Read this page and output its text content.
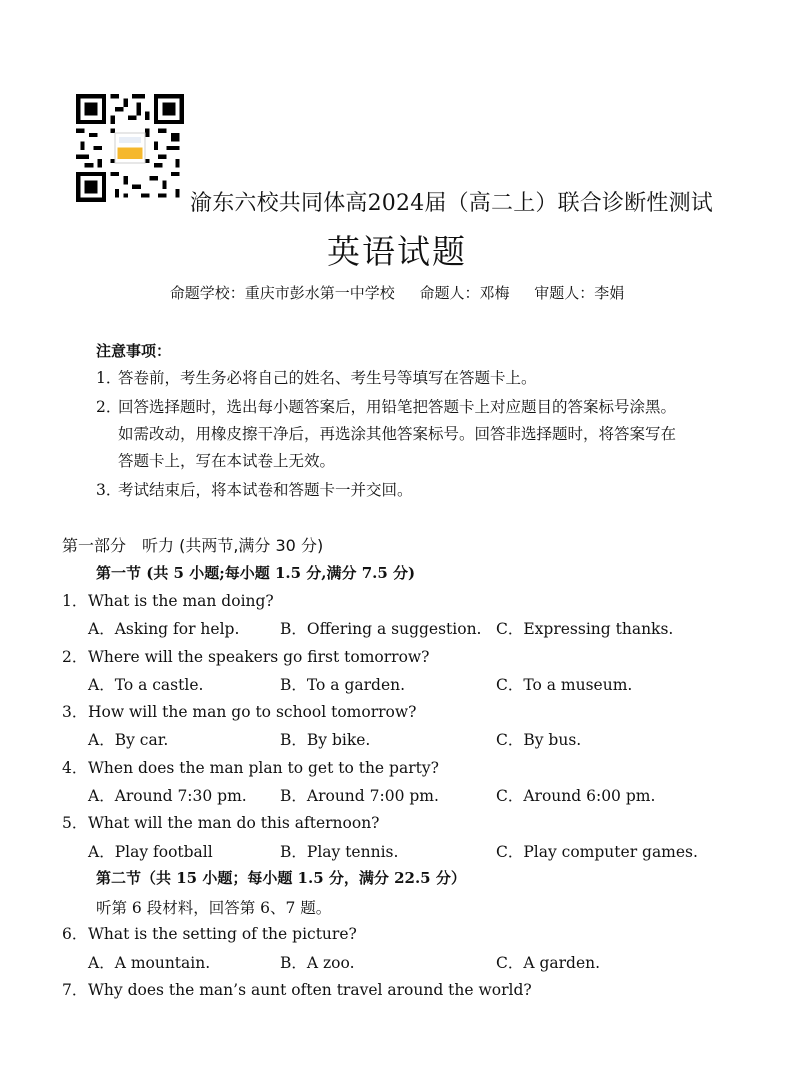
渝东六校共同体高2024届（高二上）联合诊断性测试
英语试题
命题学校：重庆市彭水第一中学校 命题人：邓梅 审题人：李娟
注意事项：
1．答卷前，考生务必将自己的姓名、考生号等填写在答题卡上。
2．回答选择题时，选出每小题答案后，用铅笔把答题卡上对应题目的答案标号涂黑。
如需改动，用橡皮擦干净后，再选涂其他答案标号。回答非选择题时，将答案写在
答题卡上，写在本试卷上无效。
3．考试结束后，将本试卷和答题卡一并交回。
第一部分　听力 (共两节,满分 30 分)
第一节 (共 5 小题;每小题 1.5 分,满分 7.5 分)
1．What is the man doing?
A．Asking for help.	B．Offering a suggestion. C．Expressing thanks.
2．Where will the speakers go first tomorrow?
A．To a castle.	B．To a garden.	C．To a museum.
3．How will the man go to school tomorrow?
A．By car.	B．By bike.	C．By bus.
4．When does the man plan to get to the party?
A．Around 7:30 pm. B．Around 7:00 pm.	C．Around 6:00 pm.
5．What will the man do this afternoon?
A．Play football	B．Play tennis.	C．Play computer games.
第二节（共 15 小题；每小题 1.5 分，满分 22.5 分）
听第 6 段材料，回答第 6、7 题。
6．What is the setting of the picture?
A．A mountain.	B．A zoo.	C．A garden.
7．Why does the man’s aunt often travel around the world?
